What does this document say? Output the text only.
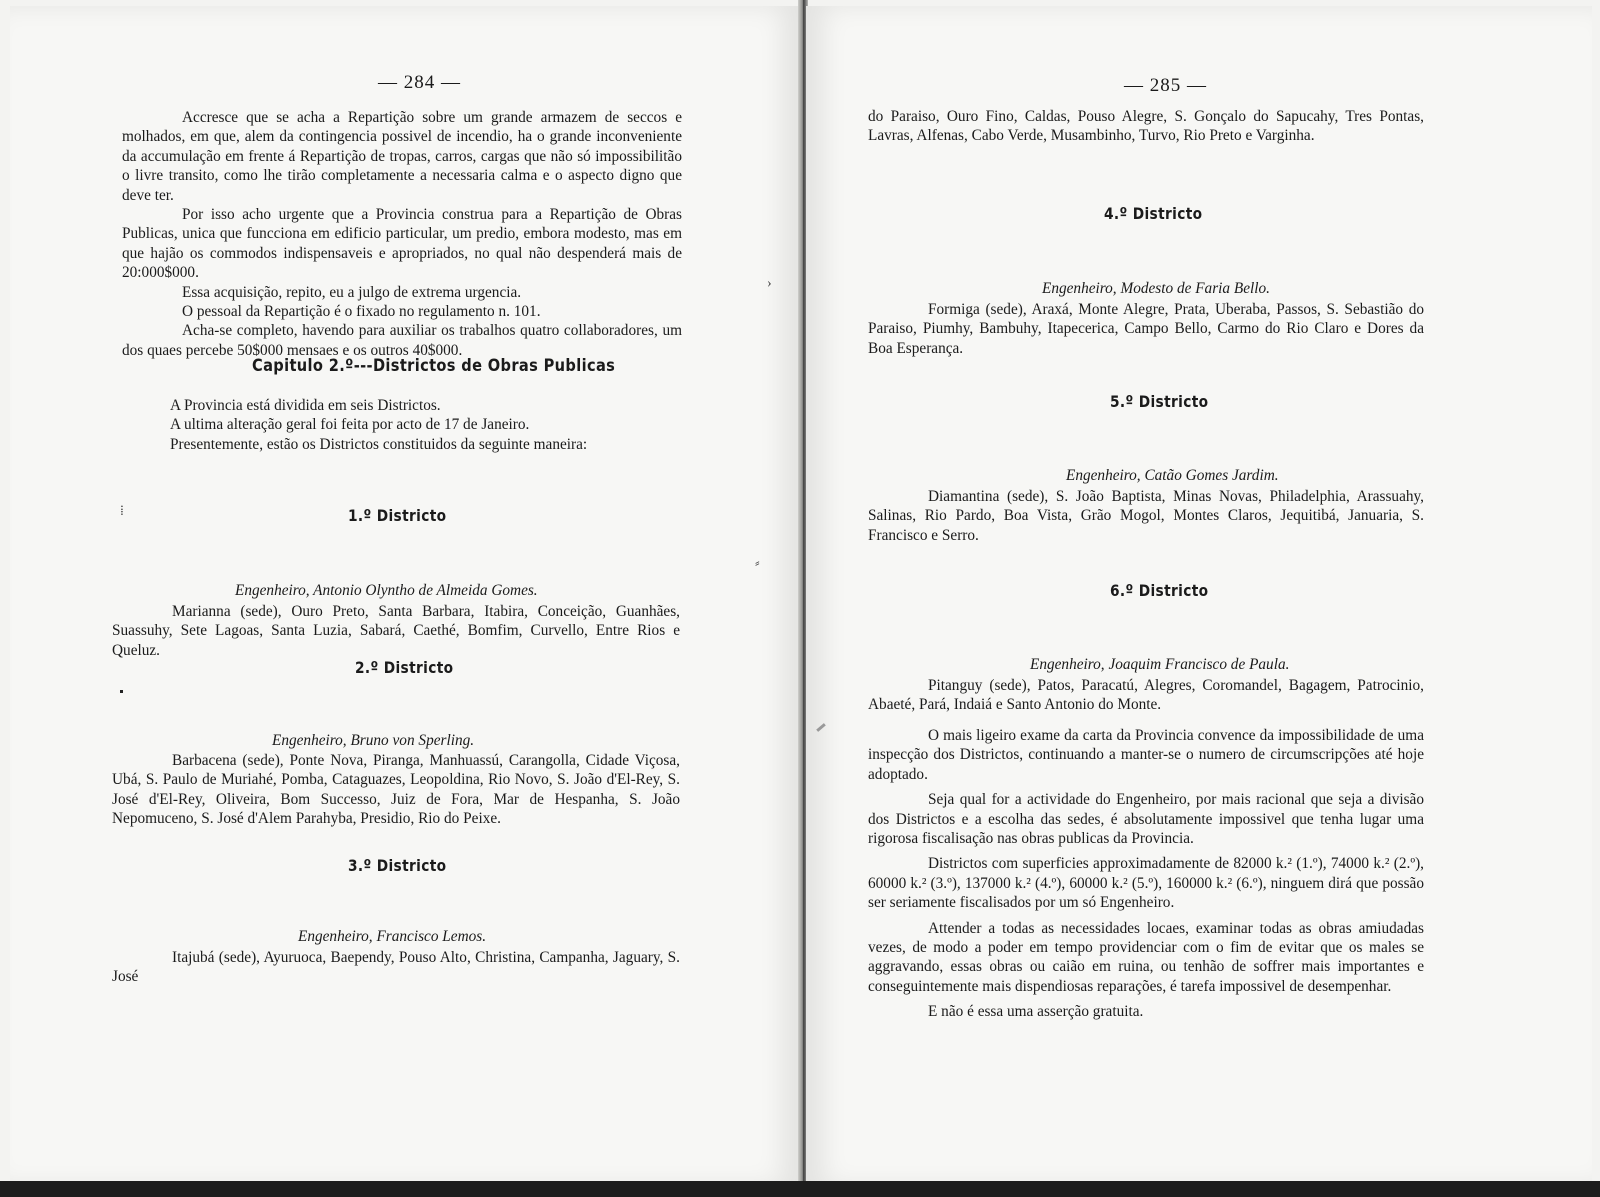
— 284 —

Accresce que se acha a Repartição sobre um grande armazem de seccos e molhados, em que, alem da contingencia possivel de incendio, ha o grande inconveniente da accumulação em frente á Repartição de tropas, carros, cargas que não só impossibilitão o livre transito, como lhe tirão completamente a necessaria calma e o aspecto digno que deve ter.

Por isso acho urgente que a Provincia construa para a Repartição de Obras Publicas, unica que funcciona em edificio particular, um predio, embora modesto, mas em que hajão os commodos indispensaveis e apropriados, no qual não despenderá mais de 20:000$000.

Essa acquisição, repito, eu a julgo de extrema urgencia.

O pessoal da Repartição é o fixado no regulamento n. 101.

Acha-se completo, havendo para auxiliar os trabalhos quatro collaboradores, um dos quaes percebe 50$000 mensaes e os outros 40$000.

Capitulo 2.º---Districtos de Obras Publicas

A Provincia está dividida em seis Districtos.

A ultima alteração geral foi feita por acto de 17 de Janeiro.

Presentemente, estão os Districtos constituidos da seguinte maneira:

1.º Districto
Engenheiro, Antonio Olyntho de Almeida Gomes.

Marianna (sede), Ouro Preto, Santa Barbara, Itabira, Conceição, Guanhães, Suassuhy, Sete Lagoas, Santa Luzia, Sabará, Caethé, Bomfim, Curvello, Entre Rios e Queluz.

2.º Districto
Engenheiro, Bruno von Sperling.

Barbacena (sede), Ponte Nova, Piranga, Manhuassú, Carangolla, Cidade Viçosa, Ubá, S. Paulo de Muriahé, Pomba, Cataguazes, Leopoldina, Rio Novo, S. João d'El-Rey, S. José d'El-Rey, Oliveira, Bom Successo, Juiz de Fora, Mar de Hespanha, S. João Nepomuceno, S. José d'Alem Parahyba, Presidio, Rio do Peixe.

3.º Districto
Engenheiro, Francisco Lemos.

Itajubá (sede), Ayuruoca, Baependy, Pouso Alto, Christina, Campanha, Jaguary, S. José

⁞
⸗
›
— 285 —

do Paraiso, Ouro Fino, Caldas, Pouso Alegre, S. Gonçalo do Sapucahy, Tres Pontas, Lavras, Alfenas, Cabo Verde, Musambinho, Turvo, Rio Preto e Varginha.

4.º Districto
Engenheiro, Modesto de Faria Bello.

Formiga (sede), Araxá, Monte Alegre, Prata, Uberaba, Passos, S. Sebastião do Paraiso, Piumhy, Bambuhy, Itapecerica, Campo Bello, Carmo do Rio Claro e Dores da Boa Esperança.

5.º Districto
Engenheiro, Catão Gomes Jardim.

Diamantina (sede), S. João Baptista, Minas Novas, Philadelphia, Arassuahy, Salinas, Rio Pardo, Boa Vista, Grão Mogol, Montes Claros, Jequitibá, Januaria, S. Francisco e Serro.

6.º Districto
Engenheiro, Joaquim Francisco de Paula.

Pitanguy (sede), Patos, Paracatú, Alegres, Coromandel, Bagagem, Patrocinio, Abaeté, Pará, Indaiá e Santo Antonio do Monte.

O mais ligeiro exame da carta da Provincia convence da impossibilidade de uma inspecção dos Districtos, continuando a manter-se o numero de circumscripções até hoje adoptado.

Seja qual for a actividade do Engenheiro, por mais racional que seja a divisão dos Districtos e a escolha das sedes, é absolutamente impossivel que tenha lugar uma rigorosa fiscalisação nas obras publicas da Provincia.

Districtos com superficies approximadamente de 82000 k.² (1.º), 74000 k.² (2.º), 60000 k.² (3.º), 137000 k.² (4.º), 60000 k.² (5.º), 160000 k.² (6.º), ninguem dirá que possão ser seriamente fiscalisados por um só Engenheiro.

Attender a todas as necessidades locaes, examinar todas as obras amiudadas vezes, de modo a poder em tempo providenciar com o fim de evitar que os males se aggravando, essas obras ou caião em ruina, ou tenhão de soffrer mais importantes e conseguintemente mais dispendiosas reparações, é tarefa impossivel de desempenhar.

E não é essa uma asserção gratuita.
